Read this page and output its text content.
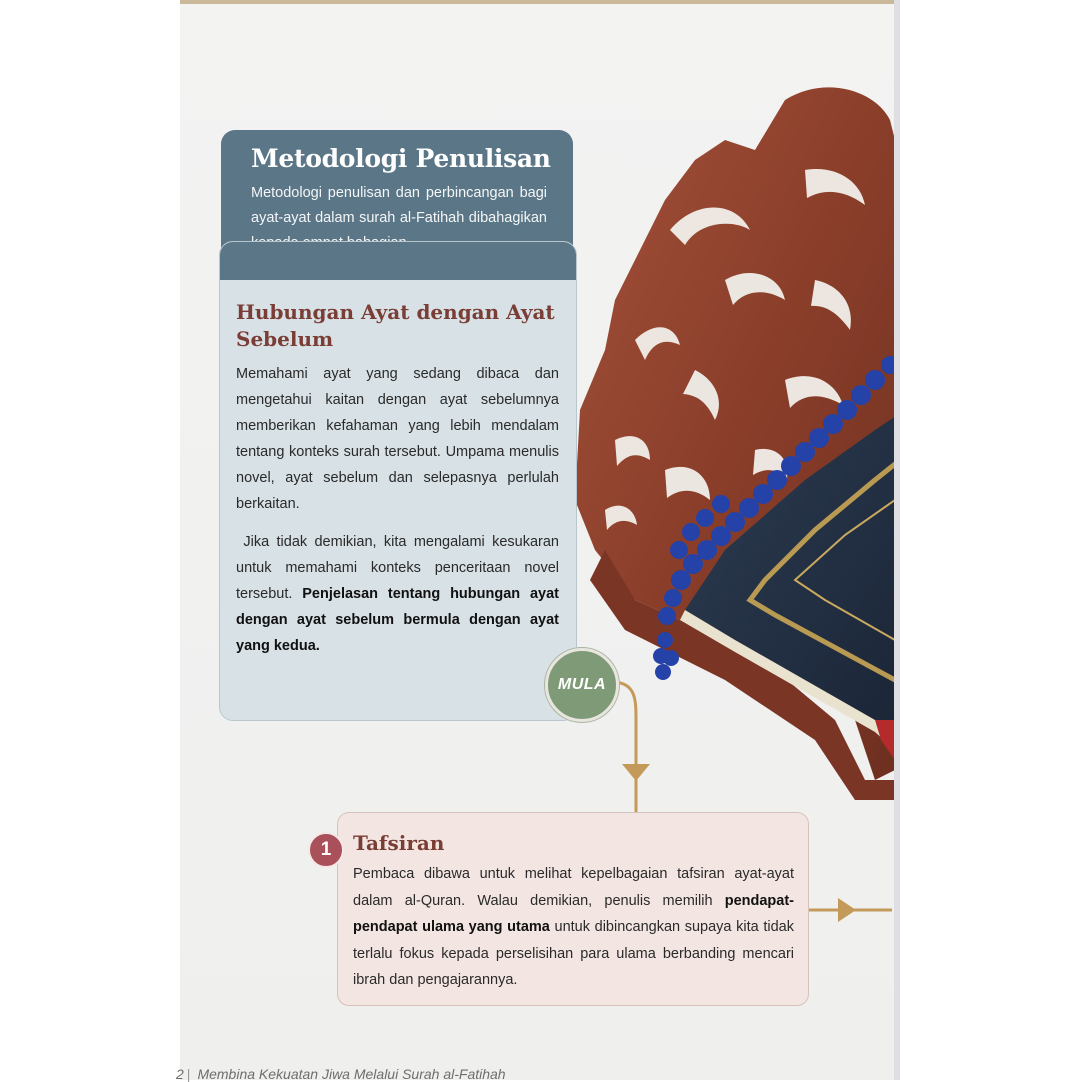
Hubungan Ayat dengan Ayat Sebelum

Memahami ayat yang sedang dibaca dan mengetahui kaitan dengan ayat sebelumnya memberikan kefahaman yang lebih mendalam tentang konteks surah tersebut. Umpama menulis novel, ayat sebelum dan selepasnya perlulah berkaitan.

Jika tidak demikian, kita mengalami kesukaran untuk memahami konteks penceritaan novel tersebut. Penjelasan tentang hubungan ayat dengan ayat sebelum bermula dengan ayat yang kedua.

Metodologi Penulisan
Metodologi penulisan dan perbincangan bagi ayat-ayat dalam surah al-Fatihah dibahagikan
MULA
Tafsiran

Pembaca dibawa untuk melihat kepelbagaian tafsiran ayat-ayat dalam al-Quran. Walau demikian, penulis memilih pendapat-pendapat ulama yang utama untuk dibincangkan supaya kita tidak terlalu fokus kepada perselisihan para ulama berbanding mencari ibrah dan pengajarannya.

1
2 | Membina Kekuatan Jiwa Melalui Surah al-Fatihah
